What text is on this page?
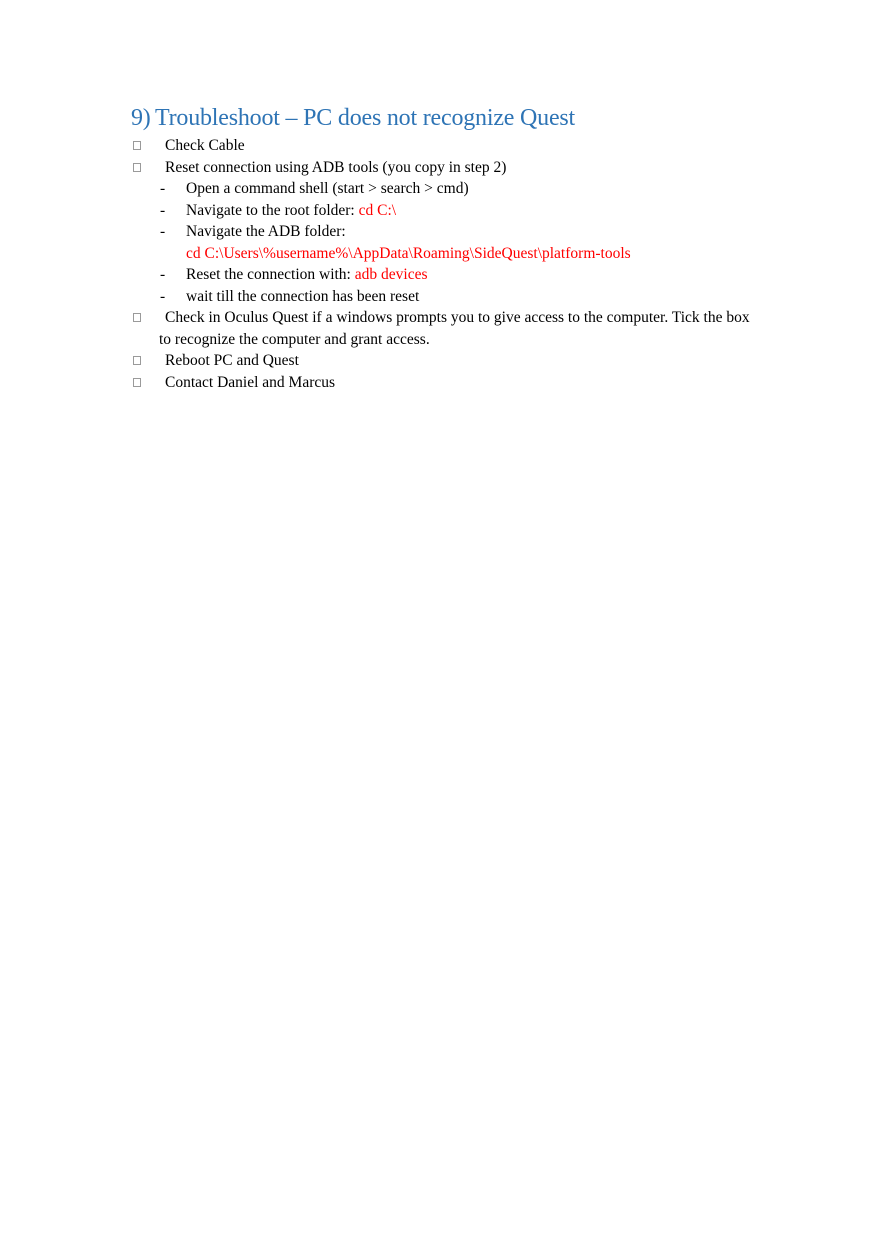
9) Troubleshoot – PC does not recognize Quest
Check Cable
Reset connection using ADB tools (you copy in step 2)
- Open a command shell (start > search > cmd)
- Navigate to the root folder: cd C:\
- Navigate the ADB folder:
cd C:\Users\%username%\AppData\Roaming\SideQuest\platform-tools
- Reset the connection with: adb devices
- wait till the connection has been reset
Check in Oculus Quest if a windows prompts you to give access to the computer. Tick the box
to recognize the computer and grant access.
Reboot PC and Quest
Contact Daniel and Marcus
